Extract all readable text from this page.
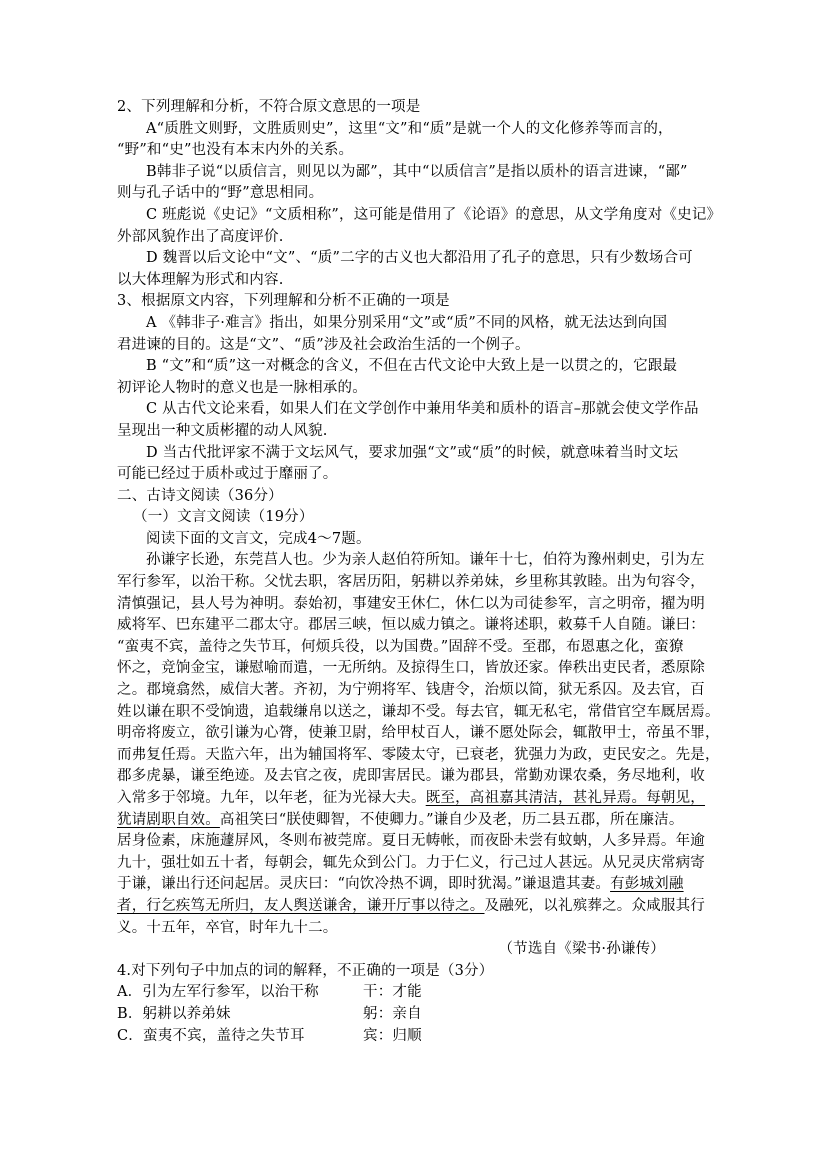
2、下列理解和分析，不符合原文意思的一项是
A“质胜文则野，文胜质则史”，这里“文”和“质”是就一个人的文化修养等而言的，
“野”和“史”也没有本末内外的关系。
B韩非子说“以质信言，则见以为鄙”，其中“以质信言”是指以质朴的语言进谏，“鄙”
则与孔子话中的“野”意思相同。
C 班彪说《史记》“文质相称”，这可能是借用了《论语》的意思，从文学角度对《史记》
外部风貌作出了高度评价.
D 魏晋以后文论中“文”、“质”二字的古义也大都沿用了孔子的意思，只有少数场合可
以大体理解为形式和内容.
3、根据原文内容，下列理解和分析不正确的一项是
A 《韩非子·难言》指出，如果分别采用“文”或“质”不同的风格，就无法达到向国
君进谏的目的。这是“文”、“质”涉及社会政治生活的一个例子。
B “文”和“质”这一对概念的含义，不但在古代文论中大致上是一以贯之的，它跟最
初评论人物时的意义也是一脉相承的。
C 从古代文论来看，如果人们在文学创作中兼用华美和质朴的语言–那就会使文学作品
呈现出一种文质彬擢的动人风貌.
D 当古代批评家不满于文坛风气，要求加强“文”或“质”的时候，就意味着当时文坛
可能已经过于质朴或过于靡丽了。
二、古诗文阅读（36分）
（一）文言文阅读（19分）
阅读下面的文言文，完成4～7题。
孙谦字长逊，东莞莒人也。少为亲人赵伯符所知。谦年十七，伯符为豫州刺史，引为左
军行参军，以治干称。父忧去职，客居历阳，躬耕以养弟妹，乡里称其敦睦。出为句容令，
清慎强记，县人号为神明。泰始初，事建安王休仁，休仁以为司徒参军，言之明帝，擢为明
威将军、巴东建平二郡太守。郡居三峡，恒以威力镇之。谦将述职，敕募千人自随。谦曰：
“蛮夷不宾，盖待之失节耳，何烦兵役，以为国费。”固辞不受。至郡，布恩惠之化，蛮獠
怀之，竞饷金宝，谦慰喻而遣，一无所纳。及掠得生口，皆放还家。俸秩出吏民者，悉原除
之。郡境翕然，威信大著。齐初，为宁朔将军、钱唐令，治烦以简，狱无系囚。及去官，百
姓以谦在职不受饷遗，追载缣帛以送之，谦却不受。每去官，辄无私宅，常借官空车厩居焉。
明帝将废立，欲引谦为心膂，使兼卫尉，给甲杖百人，谦不愿处际会，辄散甲士，帝虽不罪，
而弗复任焉。天监六年，出为辅国将军、零陵太守，已衰老，犹强力为政，吏民安之。先是，
郡多虎暴，谦至绝迹。及去官之夜，虎即害居民。谦为郡县，常勤劝课农桑，务尽地利，收
入常多于邻境。九年，以年老，征为光禄大夫。既至，高祖嘉其清洁，甚礼异焉。每朝见，
犹请剧职自效。高祖笑曰“朕使卿智，不使卿力。”谦自少及老，历二县五郡，所在廉洁。
居身俭素，床施蘧屏风，冬则布被莞席。夏日无帱帐，而夜卧未尝有蚊蚋，人多异焉。年逾
九十，强壮如五十者，每朝会，辄先众到公门。力于仁义，行己过人甚远。从兄灵庆常病寄
于谦，谦出行还问起居。灵庆曰：“向饮冷热不调，即时犹渴。”谦退遣其妻。有彭城刘融
者，行乞疾笃无所归，友人舆送谦舍，谦开厅事以待之。及融死，以礼殡葬之。众咸服其行
义。十五年，卒官，时年九十二。
（节选自《梁书·孙谦传）
4.对下列句子中加点的词的解释，不正确的一项是（3分）
A．引为左军行参军，以治干称	干：才能
B．躬耕以养弟妹	躬：亲自
C．蛮夷不宾，盖待之失节耳	宾：归顺
